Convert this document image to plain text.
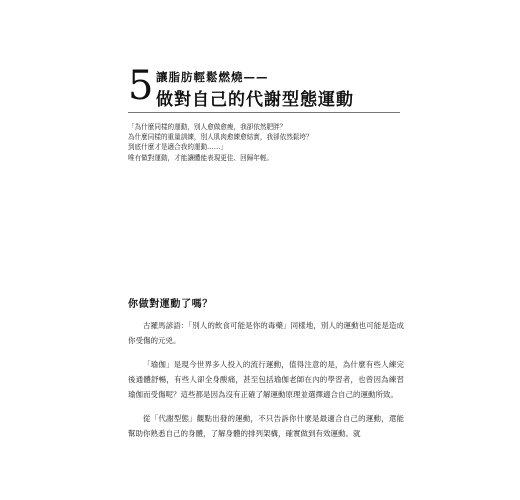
5 讓脂肪輕鬆燃燒——
做對自己的代謝型態運動
「為什麼同樣的運動，別人愈做愈瘦，我卻依然肥胖？
為什麼同樣的重量訓練，別人肌肉愈練愈結實，我卻依然鬆垮？
到底什麼才是適合我的運動……」
唯有做對運動，才能讓體能表現更佳、回歸年輕。
你做對運動了嗎？

古羅馬諺語：「別人的飲食可能是你的毒藥」同樣地，別人的運動也可能是造成你受傷的元兇。

「瑜伽」是現今世界多人投入的流行運動，值得注意的是，為什麼有些人練完後通體舒暢，有些人卻全身酸痛，甚至包括瑜伽老師在內的學習者，也曾因為練習瑜伽而受傷呢？這些都是因為沒有正確了解運動原理並選擇適合自己的運動所致。

從「代謝型態」觀點出發的運動，不只告訴你什麼是最適合自己的運動，還能幫助你熟悉自己的身體，了解身體的排列架構，確實做到有效運動。就
